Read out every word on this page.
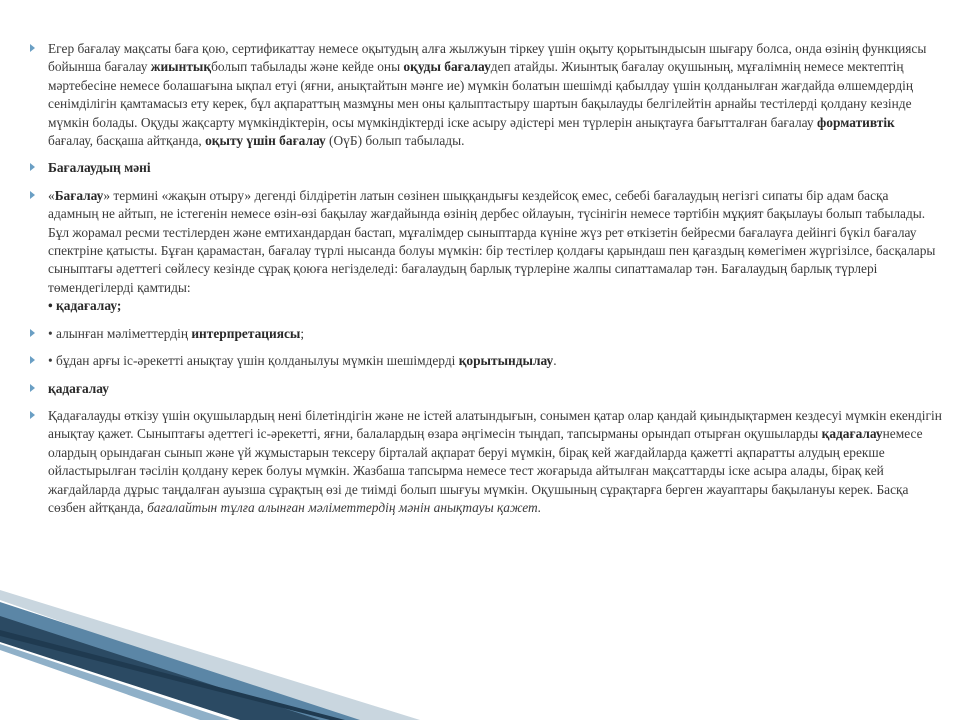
Егер бағалау мақсаты баға қою, сертификаттау немесе оқытудың алға жылжуын тіркеу үшін оқыту қорытындысын шығару болса, онда өзінің функциясы бойынша бағалау жиынтықболып табылады және кейде оны оқуды бағалаудеп атайды. Жиынтық бағалау оқушының, мұғалімнің немесе мектептің мәртебесіне немесе болашағына ықпал етуі (яғни, анықтайтын мәнге ие) мүмкін болатын шешімді қабылдау үшін қолданылған жағдайда өлшемдердің сенімділігін қамтамасыз ету керек, бұл ақпараттың мазмұны мен оны қалыптастыру шартын бақылауды белгілейтін арнайы тестілерді қолдану кезінде мүмкін болады. Оқуды жақсарту мүмкіндіктерін, осы мүмкіндіктерді іске асыру әдістері мен түрлерін анықтауға бағытталған бағалау формативтік бағалау, басқаша айтқанда, оқыту үшін бағалау (ОүБ) болып табылады.
Бағалаудың мәні
«Бағалау» термині «жақын отыру» дегенді білдіретін латын сөзінен шыққандығы кездейсоқ емес, себебі бағалаудың негізгі сипаты бір адам басқа адамның не айтып, не істегенін немесе өзін-өзі бақылау жағдайында өзінің дербес ойлауын, түсінігін немесе тәртібін мұқият бақылауы болып табылады. Бұл жорамал ресми тестілерден және емтихандардан бастап, мұғалімдер сыныптарда күніне жүз рет өткізетін бейресми бағалауға дейінгі бүкіл бағалау спектріне қатысты. Бұған қарамастан, бағалау түрлі нысанда болуы мүмкін: бір тестілер қолдағы қарындаш пен қағаздың көмегімен жүргізілсе, басқалары сыныптағы әдеттегі сөйлесу кезінде сұрақ қоюға негізделеді: бағалаудың барлық түрлеріне жалпы сипаттамалар тән. Бағалаудың барлық түрлері төмендегілерді қамтиды:
• қадағалау;
• алынған мәліметтердің интерпретациясы;
• бұдан арғы іс-әрекетті анықтау үшін қолданылуы мүмкін шешімдерді қорытындылау.
қадағалау
Қадағалауды өткізу үшін оқушылардың нені білетіндігін және не істей алатындығын, сонымен қатар олар қандай қиындықтармен кездесуі мүмкін екендігін анықтау қажет. Сыныптағы әдеттегі іс-әрекетті, яғни, балалардың өзара әңгімесін тыңдап, тапсырманы орындап отырған оқушыларды қадағалаунемесе олардың орындаған сынып және үй жұмыстарын тексеру бірталай ақпарат беруі мүмкін, бірақ кей жағдайларда қажетті ақпаратты алудың ерекше ойластырылған тәсілін қолдану керек болуы мүмкін. Жазбаша тапсырма немесе тест жоғарыда айтылған мақсаттарды іске асыра алады, бірақ кей жағдайларда дұрыс таңдалған ауызша сұрақтың өзі де тиімді болып шығуы мүмкін. Оқушының сұрақтарға берген жауаптары бақылануы керек. Басқа сөзбен айтқанда, бағалайтын тұлға алынған мәліметтердің мәнін анықтауы қажет.
